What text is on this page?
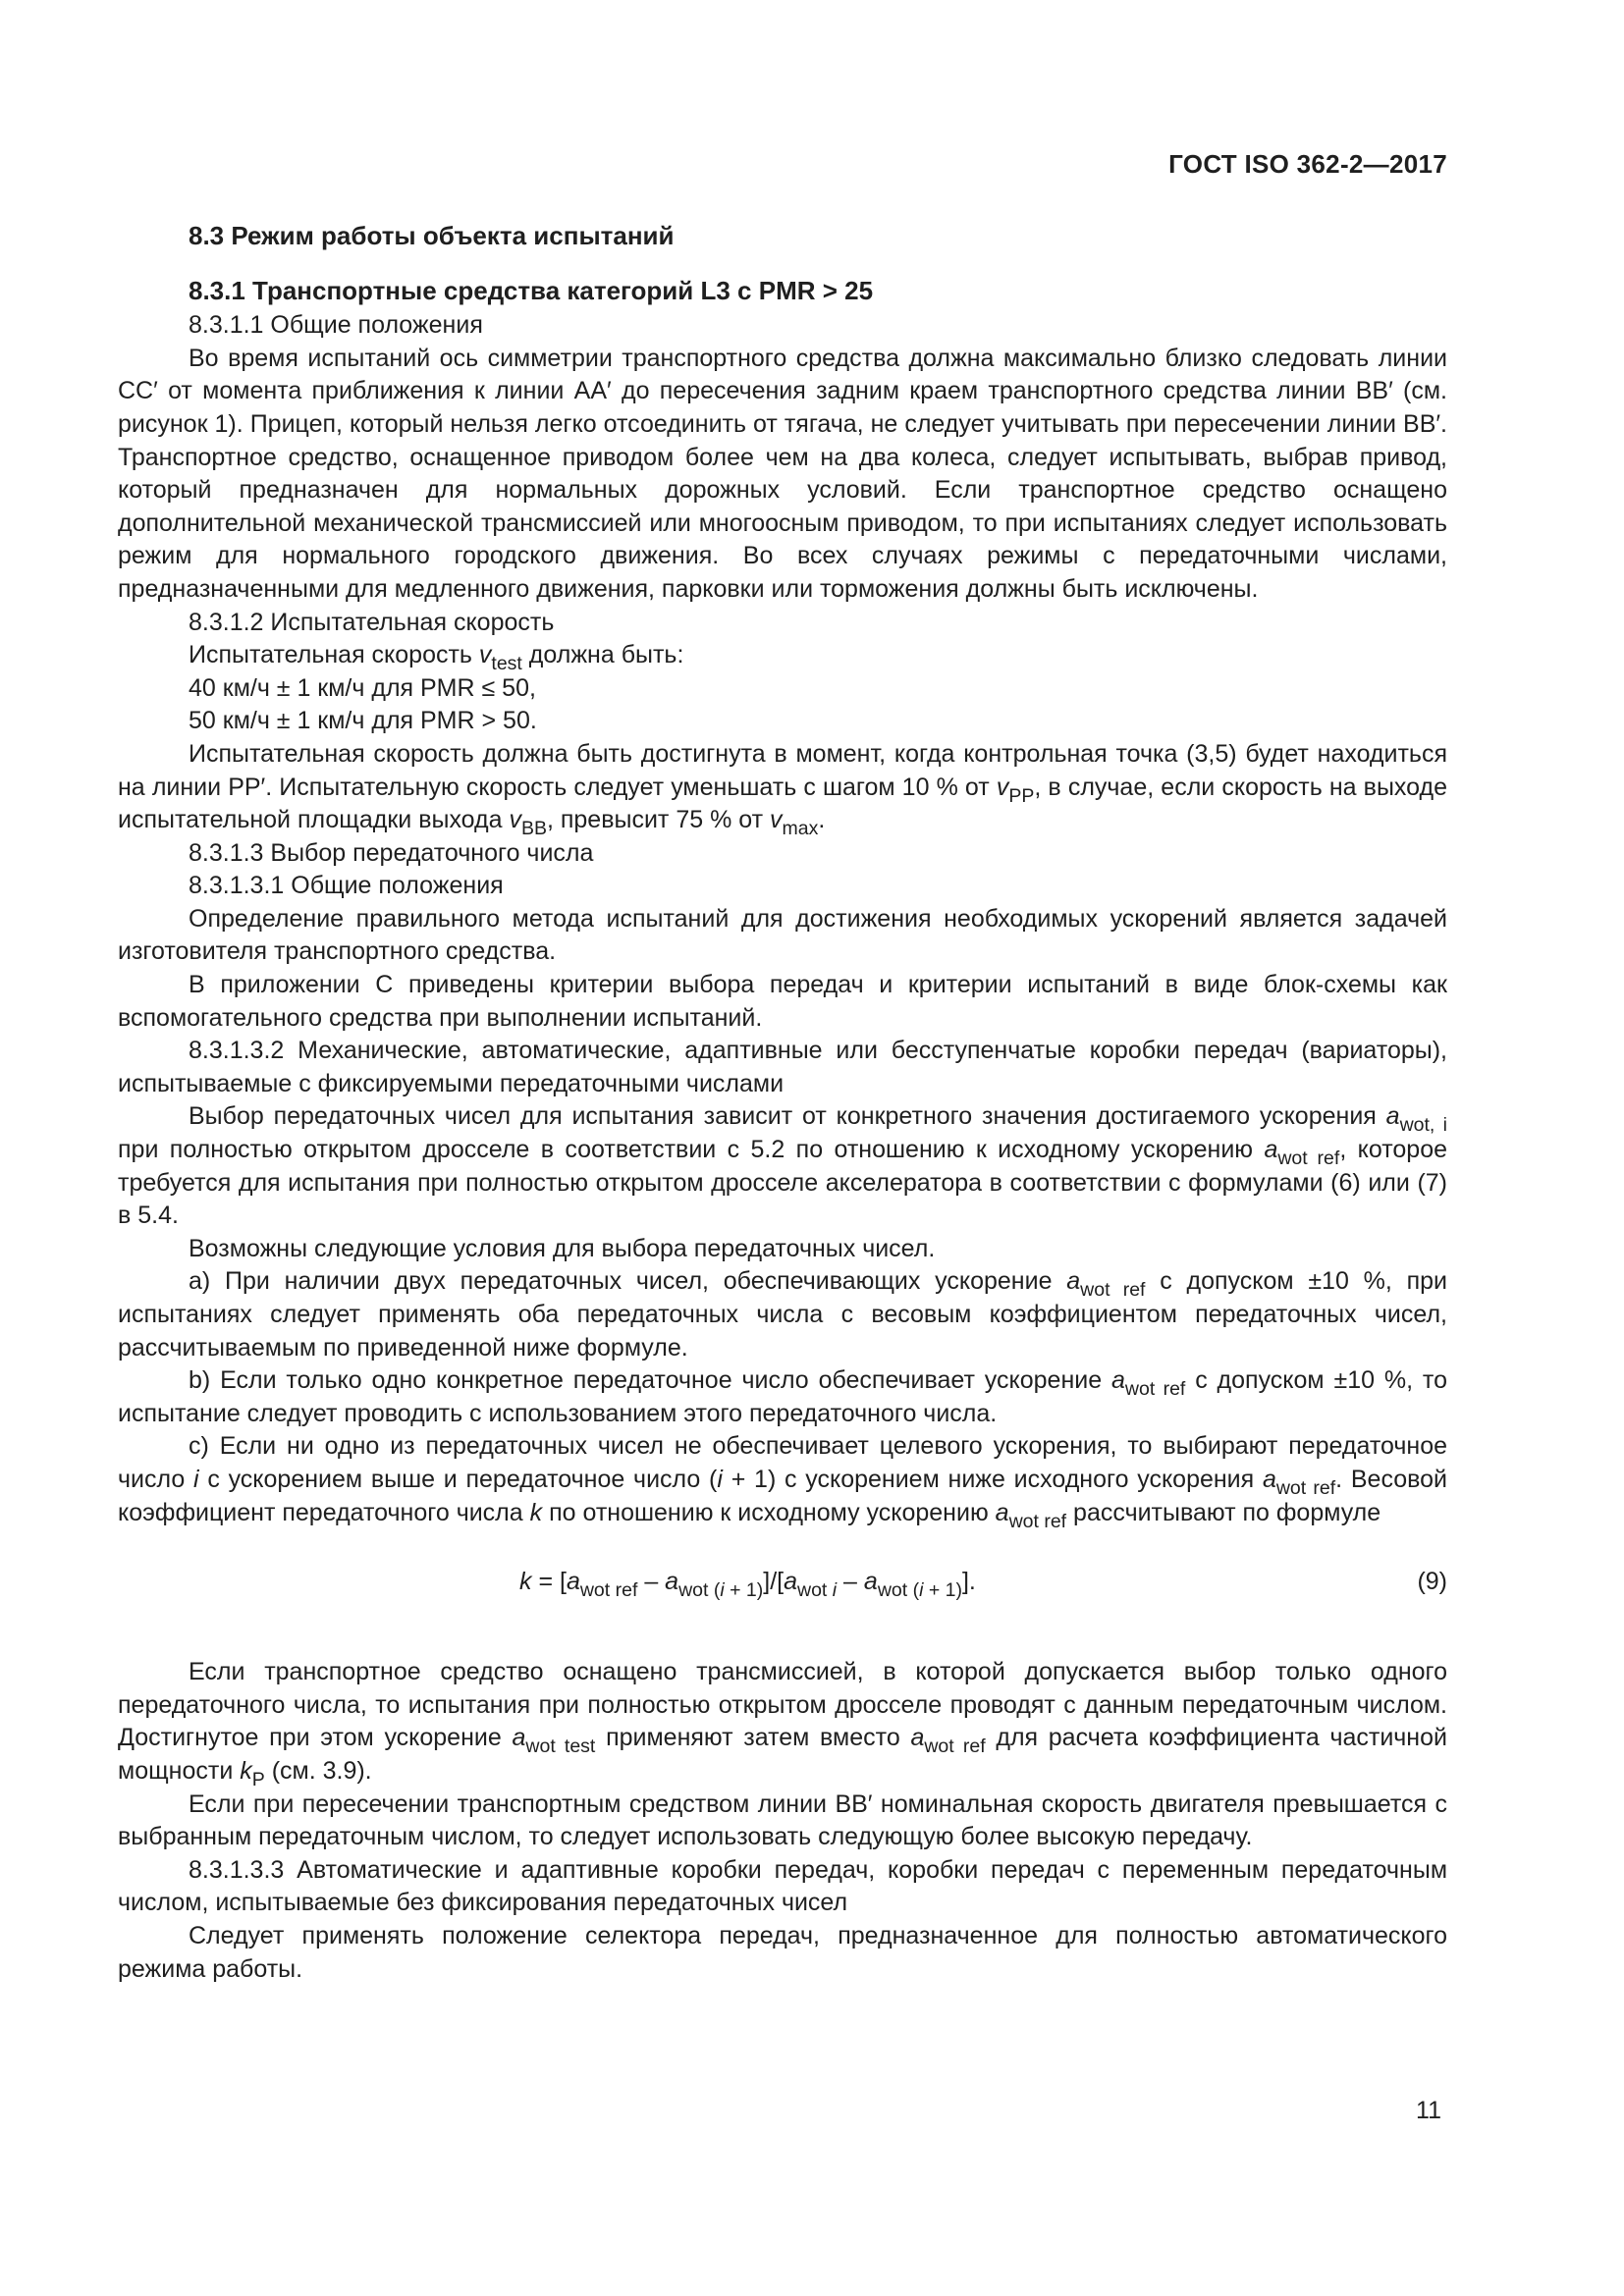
ГОСТ ISO 362-2—2017

8.3 Режим работы объекта испытаний

8.3.1 Транспортные средства категорий L3 с PMR > 25

8.3.1.1 Общие положения

Во время испытаний ось симметрии транспортного средства должна максимально близко следовать линии CC′ от момента приближения к линии AA′ до пересечения задним краем транспортного средства линии BB′ (см. рисунок 1). Прицеп, который нельзя легко отсоединить от тягача, не следует учитывать при пересечении линии BB′. Транспортное средство, оснащенное приводом более чем на два колеса, следует испытывать, выбрав привод, который предназначен для нормальных дорожных условий. Если транспортное средство оснащено дополнительной механической трансмиссией или многоосным приводом, то при испытаниях следует использовать режим для нормального городского движения. Во всех случаях режимы с передаточными числами, предназначенными для медленного движения, парковки или торможения должны быть исключены.

8.3.1.2 Испытательная скорость

Испытательная скорость $v_{test}$ должна быть:

40 км/ч ± 1 км/ч для PMR ≤ 50,

50 км/ч ± 1 км/ч для PMR > 50.

Испытательная скорость должна быть достигнута в момент, когда контрольная точка (3,5) будет находиться на линии PP′. Испытательную скорость следует уменьшать с шагом 10 % от $v_{PP}$, в случае, если скорость на выходе испытательной площадки выхода $v_{BB}$, превысит 75 % от $v_{max}$.

8.3.1.3 Выбор передаточного числа

8.3.1.3.1 Общие положения

Определение правильного метода испытаний для достижения необходимых ускорений является задачей изготовителя транспортного средства.

В приложении C приведены критерии выбора передач и критерии испытаний в виде блок-схемы как вспомогательного средства при выполнении испытаний.

8.3.1.3.2 Механические, автоматические, адаптивные или бесступенчатые коробки передач (вариаторы), испытываемые с фиксируемыми передаточными числами

Выбор передаточных чисел для испытания зависит от конкретного значения достигаемого ускорения $a_{wot, i}$ при полностью открытом дросселе в соответствии с 5.2 по отношению к исходному ускорению $a_{wot ref}$, которое требуется для испытания при полностью открытом дросселе акселератора в соответствии с формулами (6) или (7) в 5.4.

Возможны следующие условия для выбора передаточных чисел.

a) При наличии двух передаточных чисел, обеспечивающих ускорение $a_{wot ref}$ с допуском ±10 %, при испытаниях следует применять оба передаточных числа с весовым коэффициентом передаточных чисел, рассчитываемым по приведенной ниже формуле.

b) Если только одно конкретное передаточное число обеспечивает ускорение $a_{wot ref}$ с допуском ±10 %, то испытание следует проводить с использованием этого передаточного числа.

c) Если ни одно из передаточных чисел не обеспечивает целевого ускорения, то выбирают передаточное число i с ускорением выше и передаточное число (i + 1) с ускорением ниже исходного ускорения $a_{wot ref}$. Весовой коэффициент передаточного числа k по отношению к исходному ускорению $a_{wot ref}$ рассчитывают по формуле

$k = [a_{wot ref} - a_{wot (i + 1)}]/[a_{wot i} - a_{wot (i + 1)}]$.	(9)

Если транспортное средство оснащено трансмиссией, в которой допускается выбор только одного передаточного числа, то испытания при полностью открытом дросселе проводят с данным передаточным числом. Достигнутое при этом ускорение $a_{wot test}$ применяют затем вместо $a_{wot ref}$ для расчета коэффициента частичной мощности $k_P$ (см. 3.9).

Если при пересечении транспортным средством линии BB′ номинальная скорость двигателя превышается с выбранным передаточным числом, то следует использовать следующую более высокую передачу.

8.3.1.3.3 Автоматические и адаптивные коробки передач, коробки передач с переменным передаточным числом, испытываемые без фиксирования передаточных чисел

Следует применять положение селектора передач, предназначенное для полностью автоматического режима работы.

11
